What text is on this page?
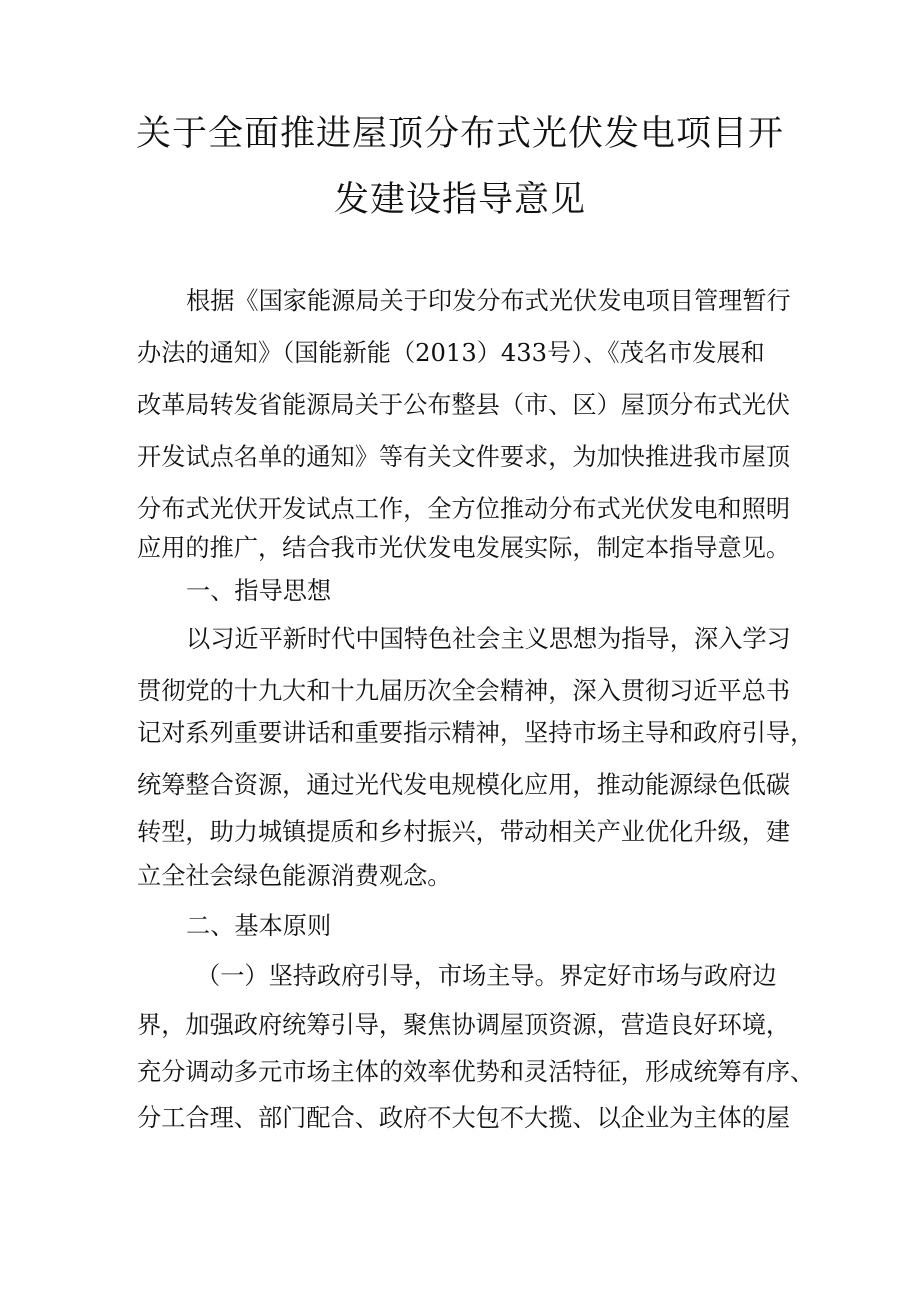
关于全面推进屋顶分布式光伏发电项目开
发建设指导意见
根据《国家能源局关于印发分布式光伏发电项目管理暂行
办法的通知》（国能新能（2013）433号）、《茂名市发展和
改革局转发省能源局关于公布整县（市、区）屋顶分布式光伏
开发试点名单的通知》等有关文件要求，为加快推进我市屋顶
分布式光伏开发试点工作，全方位推动分布式光伏发电和照明
应用的推广，结合我市光伏发电发展实际，制定本指导意见。
一、指导思想
以习近平新时代中国特色社会主义思想为指导，深入学习
贯彻党的十九大和十九届历次全会精神，深入贯彻习近平总书
记对系列重要讲话和重要指示精神，坚持市场主导和政府引导，
统筹整合资源，通过光代发电规模化应用，推动能源绿色低碳
转型，助力城镇提质和乡村振兴，带动相关产业优化升级，建
立全社会绿色能源消费观念。
二、基本原则
（一）坚持政府引导，市场主导。界定好市场与政府边
界，加强政府统筹引导，聚焦协调屋顶资源，营造良好环境，
充分调动多元市场主体的效率优势和灵活特征，形成统筹有序、
分工合理、部门配合、政府不大包不大揽、以企业为主体的屋
